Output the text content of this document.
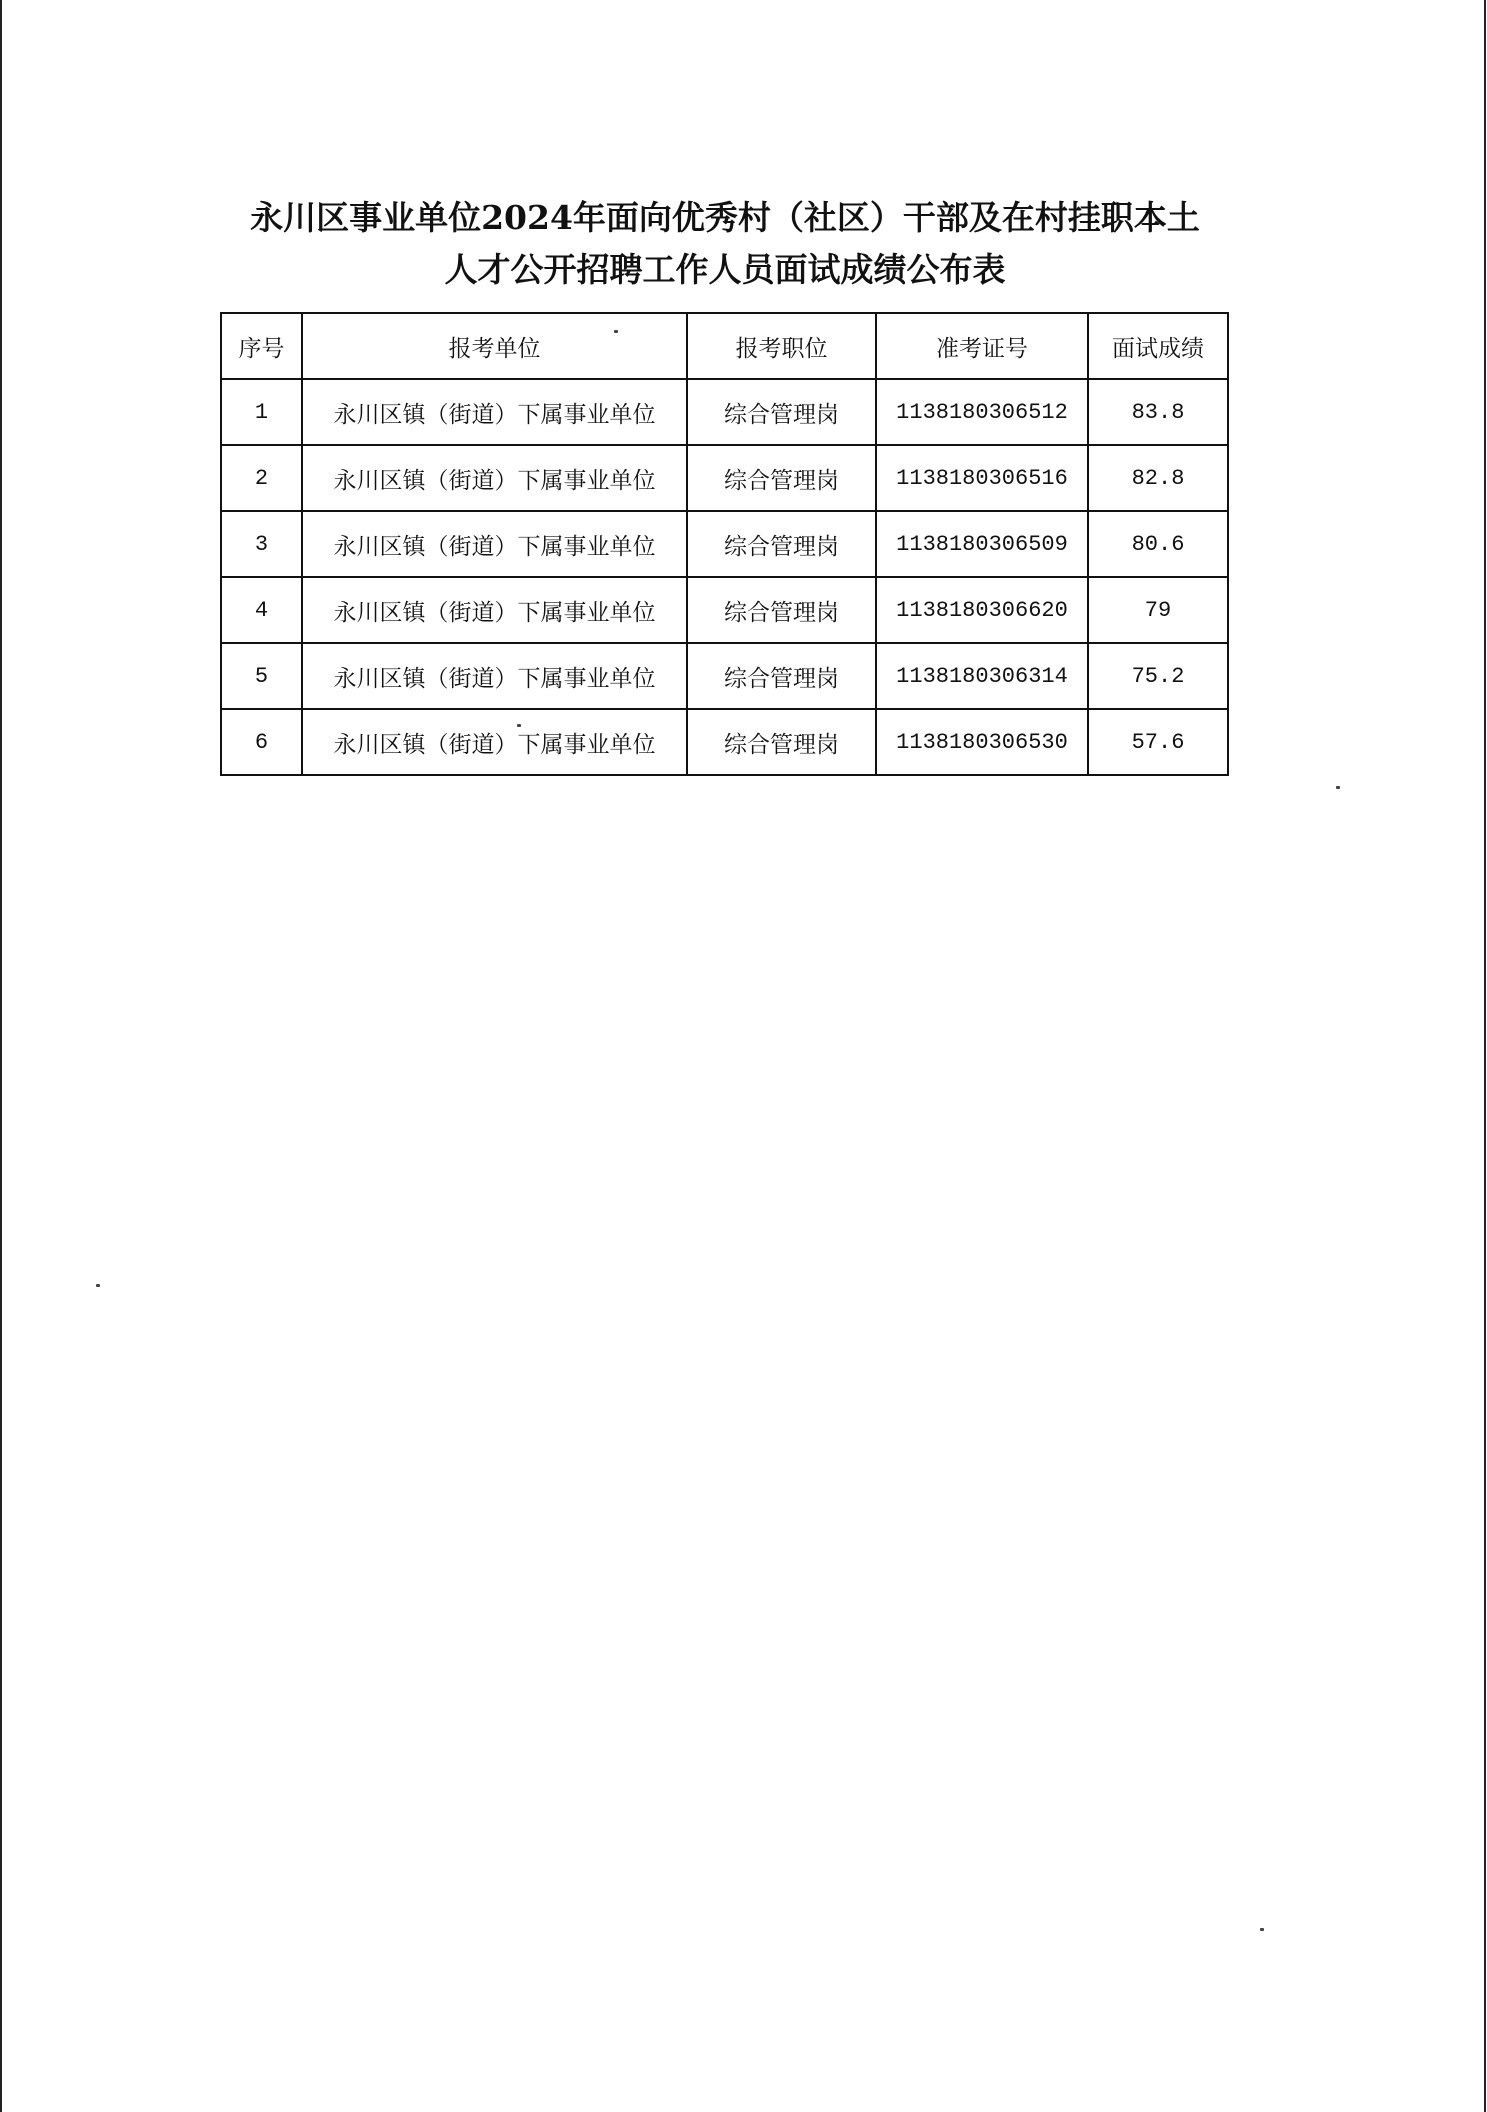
永川区事业单位2024年面向优秀村（社区）干部及在村挂职本土
人才公开招聘工作人员面试成绩公布表
序号	报考单位	报考职位	准考证号	面试成绩
1	永川区镇（街道）下属事业单位	综合管理岗	1138180306512	83.8
2	永川区镇（街道）下属事业单位	综合管理岗	1138180306516	82.8
3	永川区镇（街道）下属事业单位	综合管理岗	1138180306509	80.6
4	永川区镇（街道）下属事业单位	综合管理岗	1138180306620	79
5	永川区镇（街道）下属事业单位	综合管理岗	1138180306314	75.2
6	永川区镇（街道）下属事业单位	综合管理岗	1138180306530	57.6
